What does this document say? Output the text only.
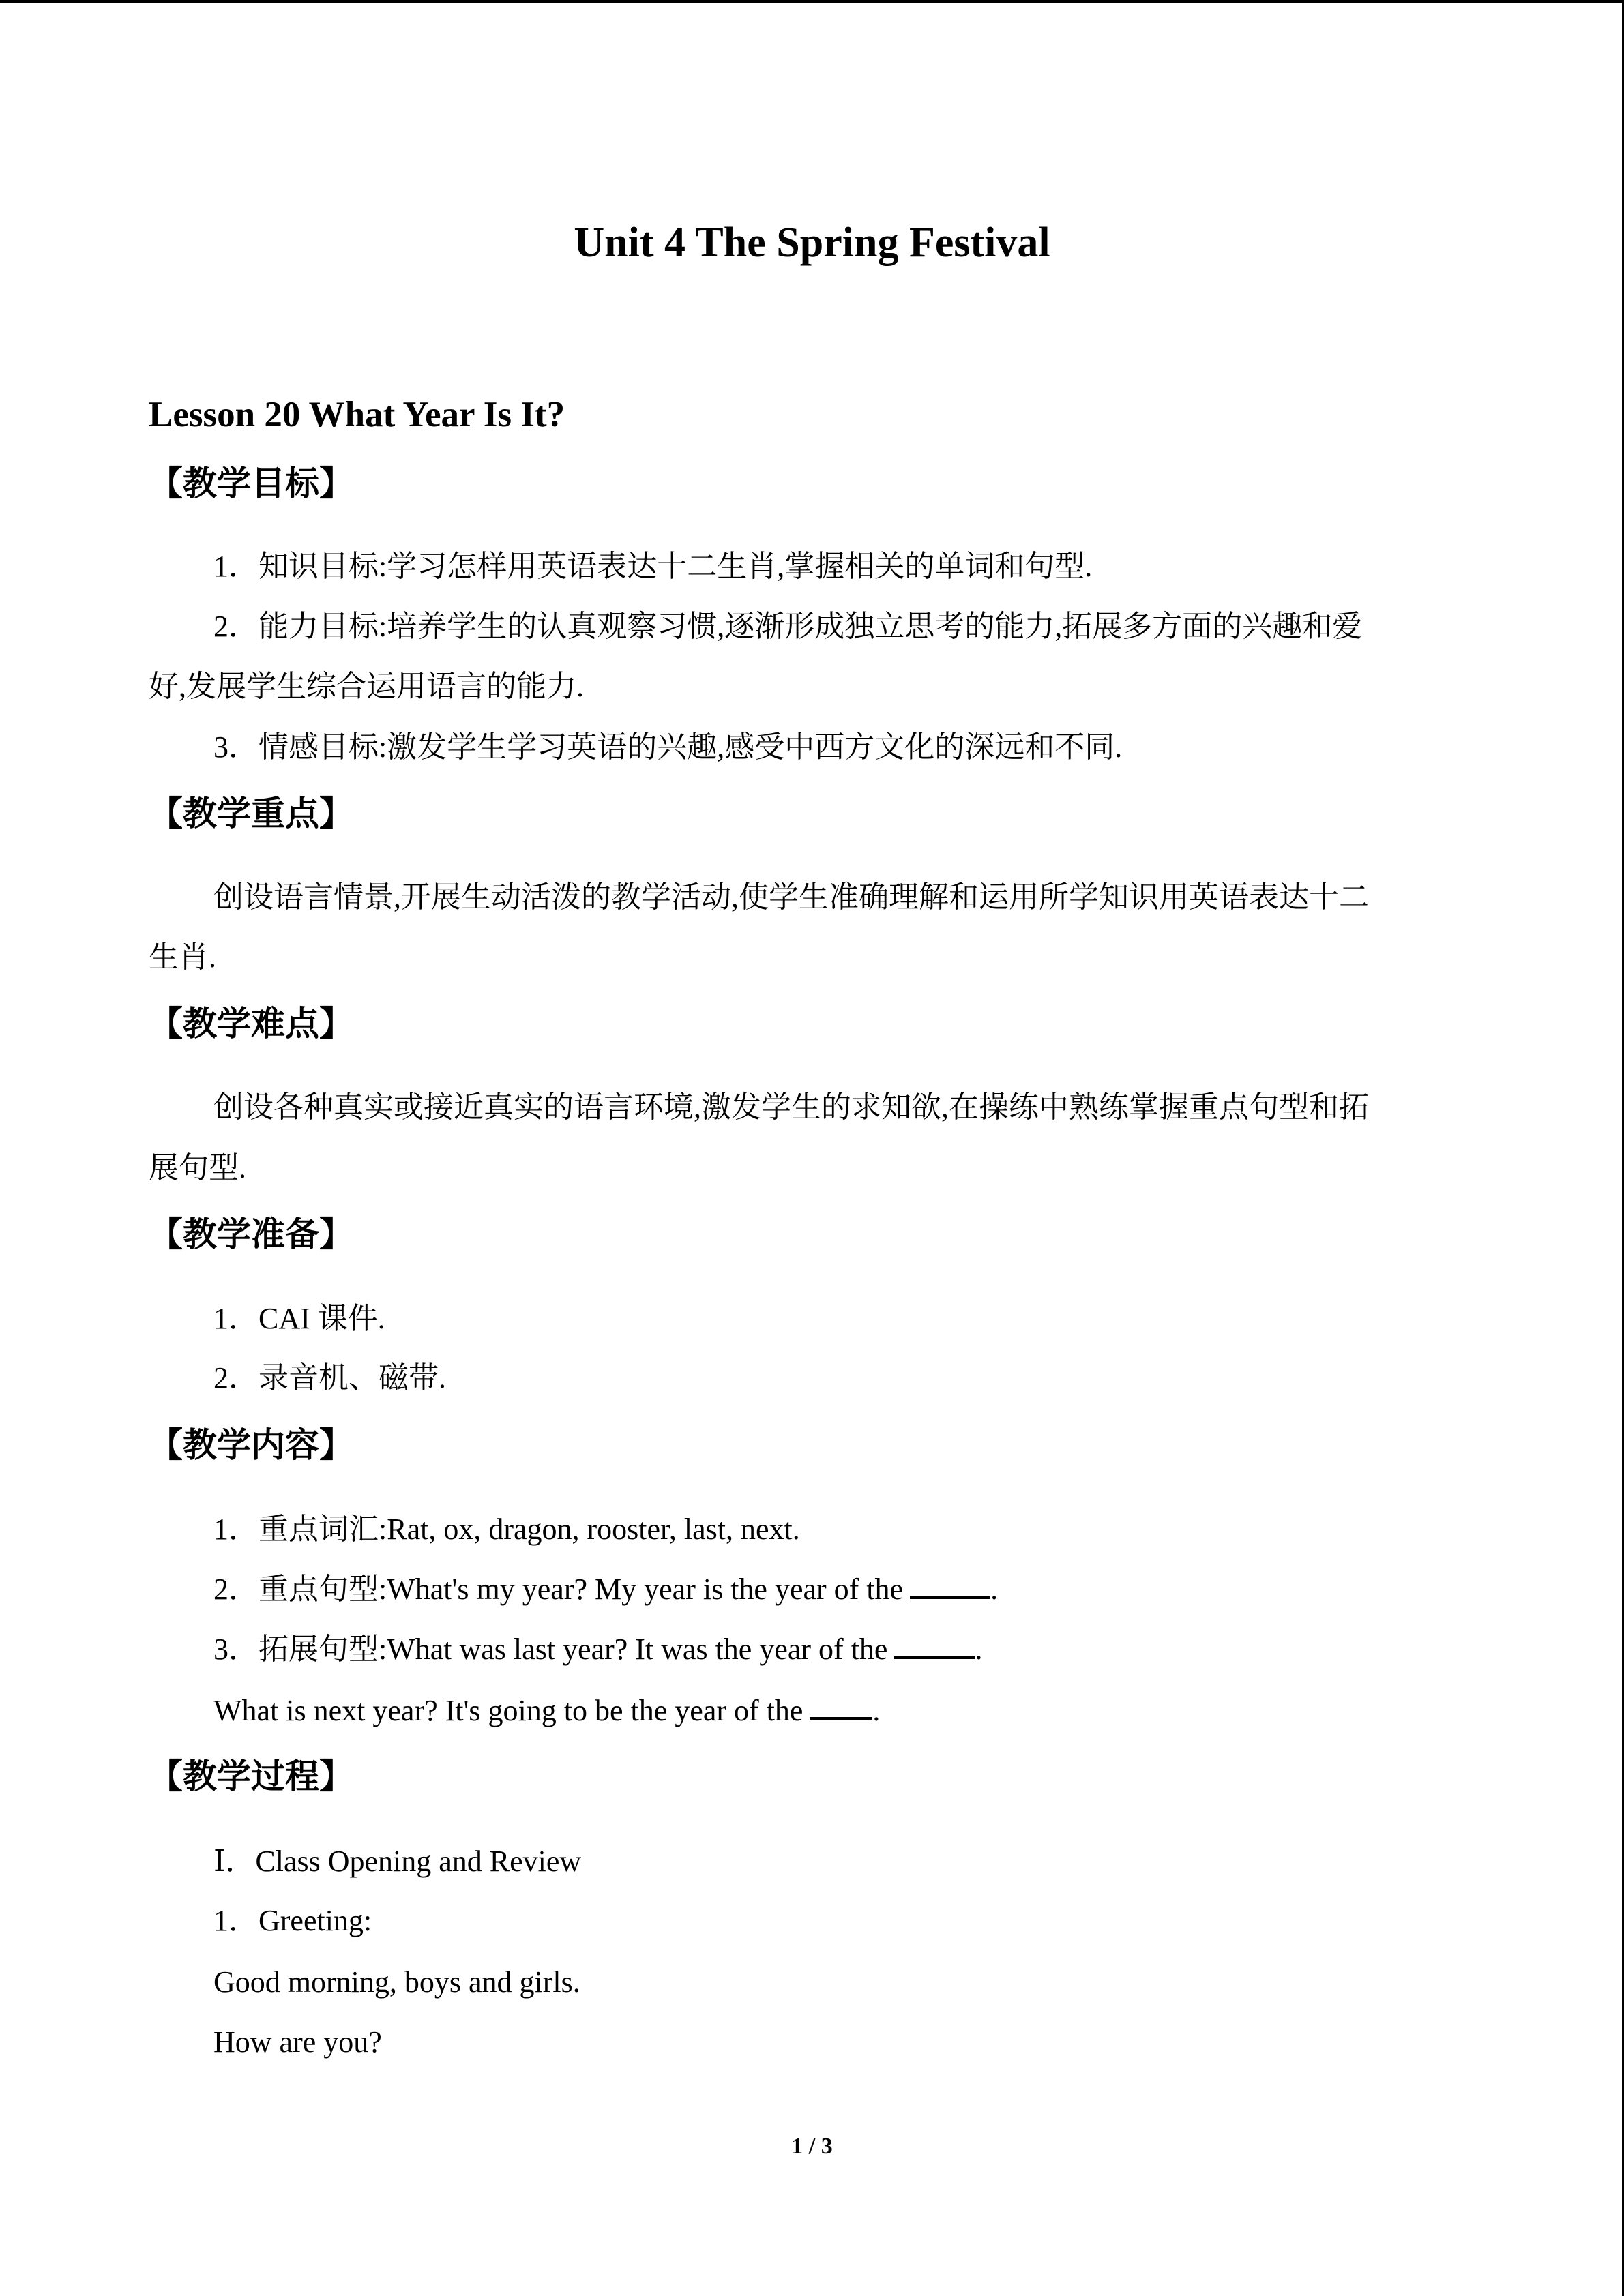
Unit 4 The Spring Festival
Lesson 20 What Year Is It?
【教学目标】
1．知识目标:学习怎样用英语表达十二生肖,掌握相关的单词和句型.
2．能力目标:培养学生的认真观察习惯,逐渐形成独立思考的能力,拓展多方面的兴趣和爱
好,发展学生综合运用语言的能力.
3．情感目标:激发学生学习英语的兴趣,感受中西方文化的深远和不同.
【教学重点】
创设语言情景,开展生动活泼的教学活动,使学生准确理解和运用所学知识用英语表达十二
生肖.
【教学难点】
创设各种真实或接近真实的语言环境,激发学生的求知欲,在操练中熟练掌握重点句型和拓
展句型.
【教学准备】
1．CAI 课件.
2．录音机、磁带.
【教学内容】
1．重点词汇:Rat, ox, dragon, rooster, last, next.
2．重点句型:What's my year? My year is the year of the	.
3．拓展句型:What was last year? It was the year of the	.
What is next year? It's going to be the year of the .
【教学过程】
Ⅰ．Class Opening and Review
1．Greeting:
Good morning, boys and girls.
How are you?
1 / 3
